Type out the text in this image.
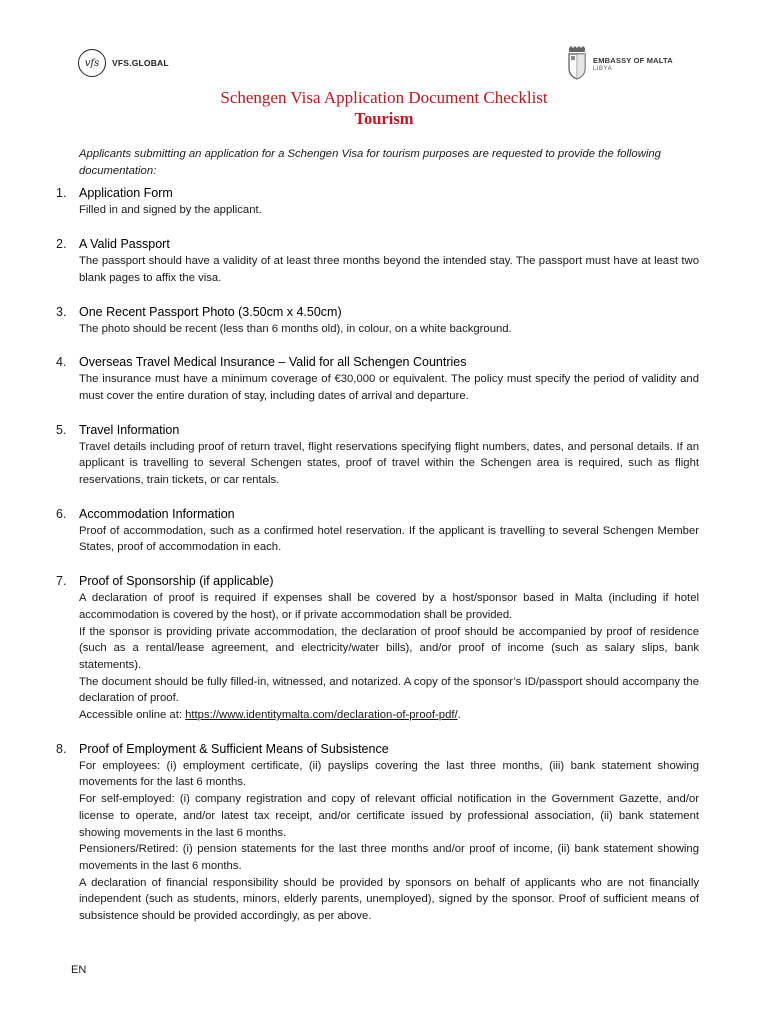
vfs VFS.GLOBAL	EMBASSY OF MALTA
LIBYA
Schengen Visa Application Document Checklist
Tourism
Applicants submitting an application for a Schengen Visa for tourism purposes are requested to provide the following documentation:
1. Application Form
Filled in and signed by the applicant.
2. A Valid Passport
The passport should have a validity of at least three months beyond the intended stay. The passport must have at least two blank pages to affix the visa.
3. One Recent Passport Photo (3.50cm x 4.50cm)
The photo should be recent (less than 6 months old), in colour, on a white background.
4. Overseas Travel Medical Insurance – Valid for all Schengen Countries
The insurance must have a minimum coverage of €30,000 or equivalent. The policy must specify the period of validity and must cover the entire duration of stay, including dates of arrival and departure.
5. Travel Information
Travel details including proof of return travel, flight reservations specifying flight numbers, dates, and personal details. If an applicant is travelling to several Schengen states, proof of travel within the Schengen area is required, such as flight reservations, train tickets, or car rentals.
6. Accommodation Information
Proof of accommodation, such as a confirmed hotel reservation. If the applicant is travelling to several Schengen Member States, proof of accommodation in each.
7. Proof of Sponsorship (if applicable)
A declaration of proof is required if expenses shall be covered by a host/sponsor based in Malta (including if hotel accommodation is covered by the host), or if private accommodation shall be provided.
If the sponsor is providing private accommodation, the declaration of proof should be accompanied by proof of residence (such as a rental/lease agreement, and electricity/water bills), and/or proof of income (such as salary slips, bank statements).
The document should be fully filled-in, witnessed, and notarized. A copy of the sponsor’s ID/passport should accompany the declaration of proof.
Accessible online at: https://www.identitymalta.com/declaration-of-proof-pdf/.
8. Proof of Employment & Sufficient Means of Subsistence
For employees: (i) employment certificate, (ii) payslips covering the last three months, (iii) bank statement showing movements for the last 6 months.
For self-employed: (i) company registration and copy of relevant official notification in the Government Gazette, and/or license to operate, and/or latest tax receipt, and/or certificate issued by professional association, (ii) bank statement showing movements in the last 6 months.
Pensioners/Retired: (i) pension statements for the last three months and/or proof of income, (ii) bank statement showing movements in the last 6 months.
A declaration of financial responsibility should be provided by sponsors on behalf of applicants who are not financially independent (such as students, minors, elderly parents, unemployed), signed by the sponsor. Proof of sufficient means of subsistence should be provided accordingly, as per above.
EN
